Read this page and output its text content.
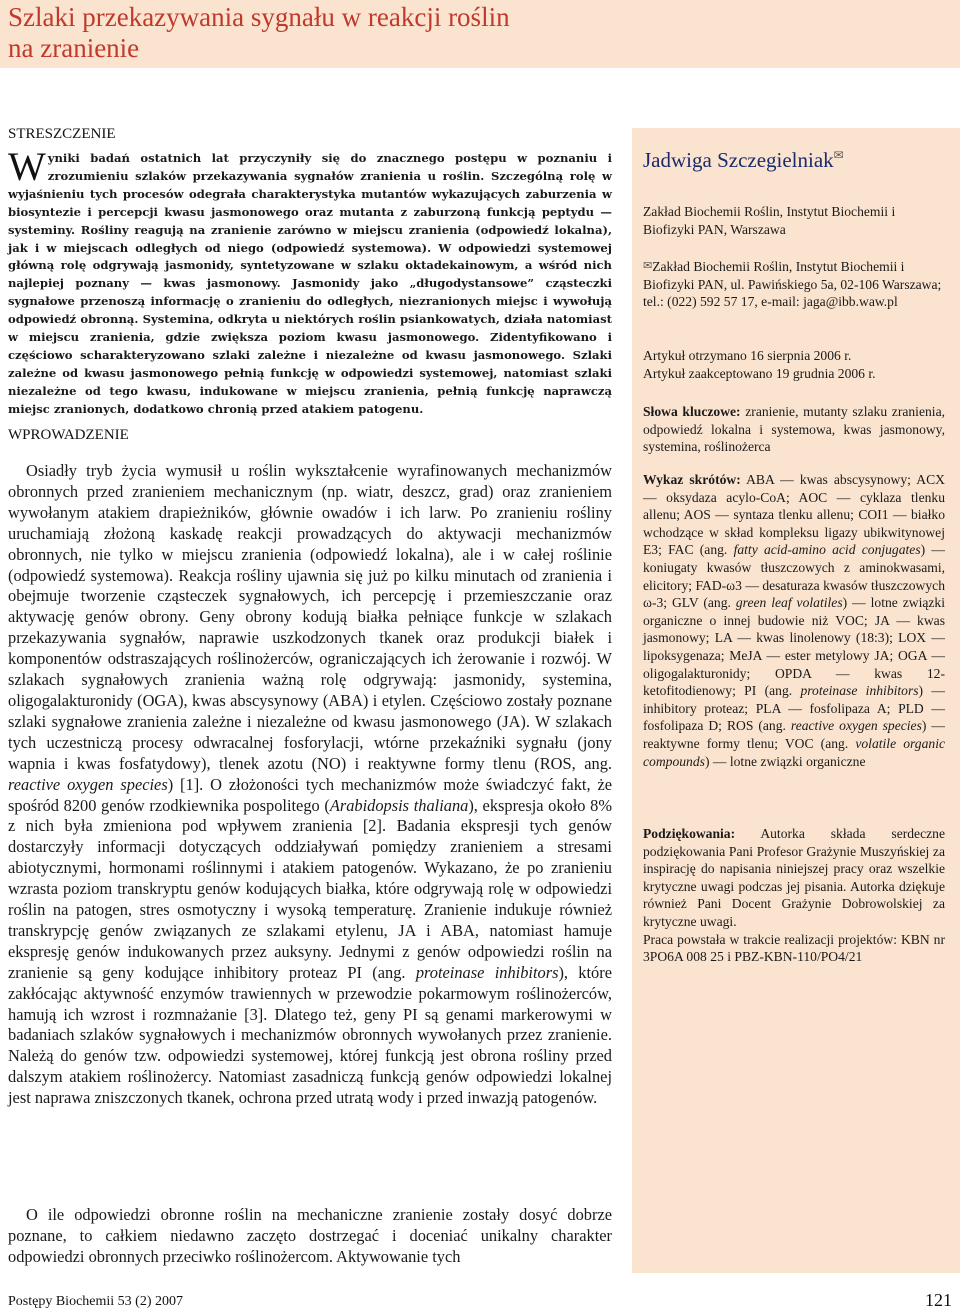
Szlaki przekazywania sygnału w reakcji roślin na zranienie
STRESZCZENIE
Wyniki badań ostatnich lat przyczyniły się do znacznego postępu w poznaniu i zrozumieniu szlaków przekazywania sygnałów zranienia u roślin. Szczególną rolę w wyjaśnieniu tych procesów odegrała charakterystyka mutantów wykazujących zaburzenia w biosyntezie i percepcji kwasu jasmonowego oraz mutanta z zaburzoną funkcją peptydu — systeminy. Rośliny reagują na zranienie zarówno w miejscu zranienia (odpowiedź lokalna), jak i w miejscach odległych od niego (odpowiedź systemowa). W odpowiedzi systemowej główną rolę odgrywają jasmonidy, syntetyzowane w szlaku oktadekainowym, a wśród nich najlepiej poznany — kwas jasmonowy. Jasmonidy jako „długodystansowe” cząsteczki sygnałowe przenoszą informację o zranieniu do odległych, niezranionych miejsc i wywołują odpowiedź obronną. Systemina, odkryta u niektórych roślin psiankowatych, działa natomiast w miejscu zranienia, gdzie zwiększa poziom kwasu jasmonowego. Zidentyfikowano i częściowo scharakteryzowano szlaki zależne i niezależne od kwasu jasmonowego. Szlaki zależne od kwasu jasmonowego pełnią funkcję w odpowiedzi systemowej, natomiast szlaki niezależne od tego kwasu, indukowane w miejscu zranienia, pełnią funkcję naprawczą miejsc zranionych, dodatkowo chronią przed atakiem patogenu.
WPROWADZENIE

Osiadły tryb życia wymusił u roślin wykształcenie wyrafinowanych mechanizmów obronnych przed zranieniem mechanicznym (np. wiatr, deszcz, grad) oraz zranieniem wywołanym atakiem drapieżników, głównie owadów i ich larw. Po zranieniu rośliny uruchamiają złożoną kaskadę reakcji prowadzących do aktywacji mechanizmów obronnych, nie tylko w miejscu zranienia (odpowiedź lokalna), ale i w całej roślinie (odpowiedź systemowa). Reakcja rośliny ujawnia się już po kilku minutach od zranienia i obejmuje tworzenie cząsteczek sygnałowych, ich percepcję i przemieszczanie oraz aktywację genów obrony. Geny obrony kodują białka pełniące funkcje w szlakach przekazywania sygnałów, naprawie uszkodzonych tkanek oraz produkcji białek i komponentów odstraszających roślinożerców, ograniczających ich żerowanie i rozwój. W szlakach sygnałowych zranienia ważną rolę odgrywają: jasmonidy, systemina, oligogalakturonidy (OGA), kwas abscysynowy (ABA) i etylen. Częściowo zostały poznane szlaki sygnałowe zranienia zależne i niezależne od kwasu jasmonowego (JA). W szlakach tych uczestniczą procesy odwracalnej fosforylacji, wtórne przekaźniki sygnału (jony wapnia i kwas fosfatydowy), tlenek azotu (NO) i reaktywne formy tlenu (ROS, ang. reactive oxygen species) [1]. O złożoności tych mechanizmów może świadczyć fakt, że spośród 8200 genów rzodkiewnika pospolitego (Arabidopsis thaliana), ekspresja około 8% z nich była zmieniona pod wpływem zranienia [2]. Badania ekspresji tych genów dostarczyły informacji dotyczących oddziaływań pomiędzy zranieniem a stresami abiotycznymi, hormonami roślinnymi i atakiem patogenów. Wykazano, że po zranieniu wzrasta poziom transkryptu genów kodujących białka, które odgrywają rolę w odpowiedzi roślin na patogen, stres osmotyczny i wysoką temperaturę. Zranienie indukuje również transkrypcję genów związanych ze szlakami etylenu, JA i ABA, natomiast hamuje ekspresję genów indukowanych przez auksyny. Jednymi z genów odpowiedzi roślin na zranienie są geny kodujące inhibitory proteaz PI (ang. proteinase inhibitors), które zakłócając aktywność enzymów trawiennych w przewodzie pokarmowym roślinożerców, hamują ich wzrost i rozmnażanie [3]. Dlatego też, geny PI są genami markerowymi w badaniach szlaków sygnałowych i mechanizmów obronnych wywołanych przez zranienie. Należą do genów tzw. odpowiedzi systemowej, której funkcją jest obrona rośliny przed dalszym atakiem roślinożercy. Natomiast zasadniczą funkcją genów odpowiedzi lokalnej jest naprawa zniszczonych tkanek, ochrona przed utratą wody i przed inwazją patogenów.

O ile odpowiedzi obronne roślin na mechaniczne zranienie zostały dosyć dobrze poznane, to całkiem niedawno zaczęto dostrzegać i doceniać unikalny charakter odpowiedzi obronnych przeciwko roślinożercom. Aktywowanie tych

Jadwiga Szczegielniak✉
Zakład Biochemii Roślin, Instytut Biochemii i Biofizyki PAN, Warszawa
✉Zakład Biochemii Roślin, Instytut Biochemii i Biofizyki PAN, ul. Pawińskiego 5a, 02-106 Warszawa; tel.: (022) 592 57 17, e-mail: jaga@ibb.waw.pl
Artykuł otrzymano 16 sierpnia 2006 r.
Artykuł zaakceptowano 19 grudnia 2006 r.
Słowa kluczowe: zranienie, mutanty szlaku zranienia, odpowiedź lokalna i systemowa, kwas jasmonowy, systemina, roślinożerca
Wykaz skrótów: ABA — kwas abscysynowy; ACX — oksydaza acylo-CoA; AOC — cyklaza tlenku allenu; AOS — syntaza tlenku allenu; COI1 — białko wchodzące w skład kompleksu ligazy ubikwitynowej E3; FAC (ang. fatty acid-amino acid conjugates) — koniugaty kwasów tłuszczowych z aminokwasami, elicitory; FAD-ω3 — desaturaza kwasów tłuszczowych ω-3; GLV (ang. green leaf volatiles) — lotne związki organiczne o innej budowie niż VOC; JA — kwas jasmonowy; LA — kwas linolenowy (18:3); LOX — lipoksygenaza; MeJA — ester metylowy JA; OGA — oligogalakturonidy; OPDA — kwas 12-ketofitodienowy; PI (ang. proteinase inhibitors) — inhibitory proteaz; PLA — fosfolipaza A; PLD — fosfolipaza D; ROS (ang. reactive oxygen species) — reaktywne formy tlenu; VOC (ang. volatile organic compounds) — lotne związki organiczne
Podziękowania: Autorka składa serdeczne podziękowania Pani Profesor Grażynie Muszyńskiej za inspirację do napisania niniejszej pracy oraz wszelkie krytyczne uwagi podczas jej pisania. Autorka dziękuje również Pani Docent Grażynie Dobrowolskiej za krytyczne uwagi.
Praca powstała w trakcie realizacji projektów: KBN nr 3PO6A 008 25 i PBZ-KBN-110/PO4/21
Postępy Biochemii 53 (2) 2007	121
